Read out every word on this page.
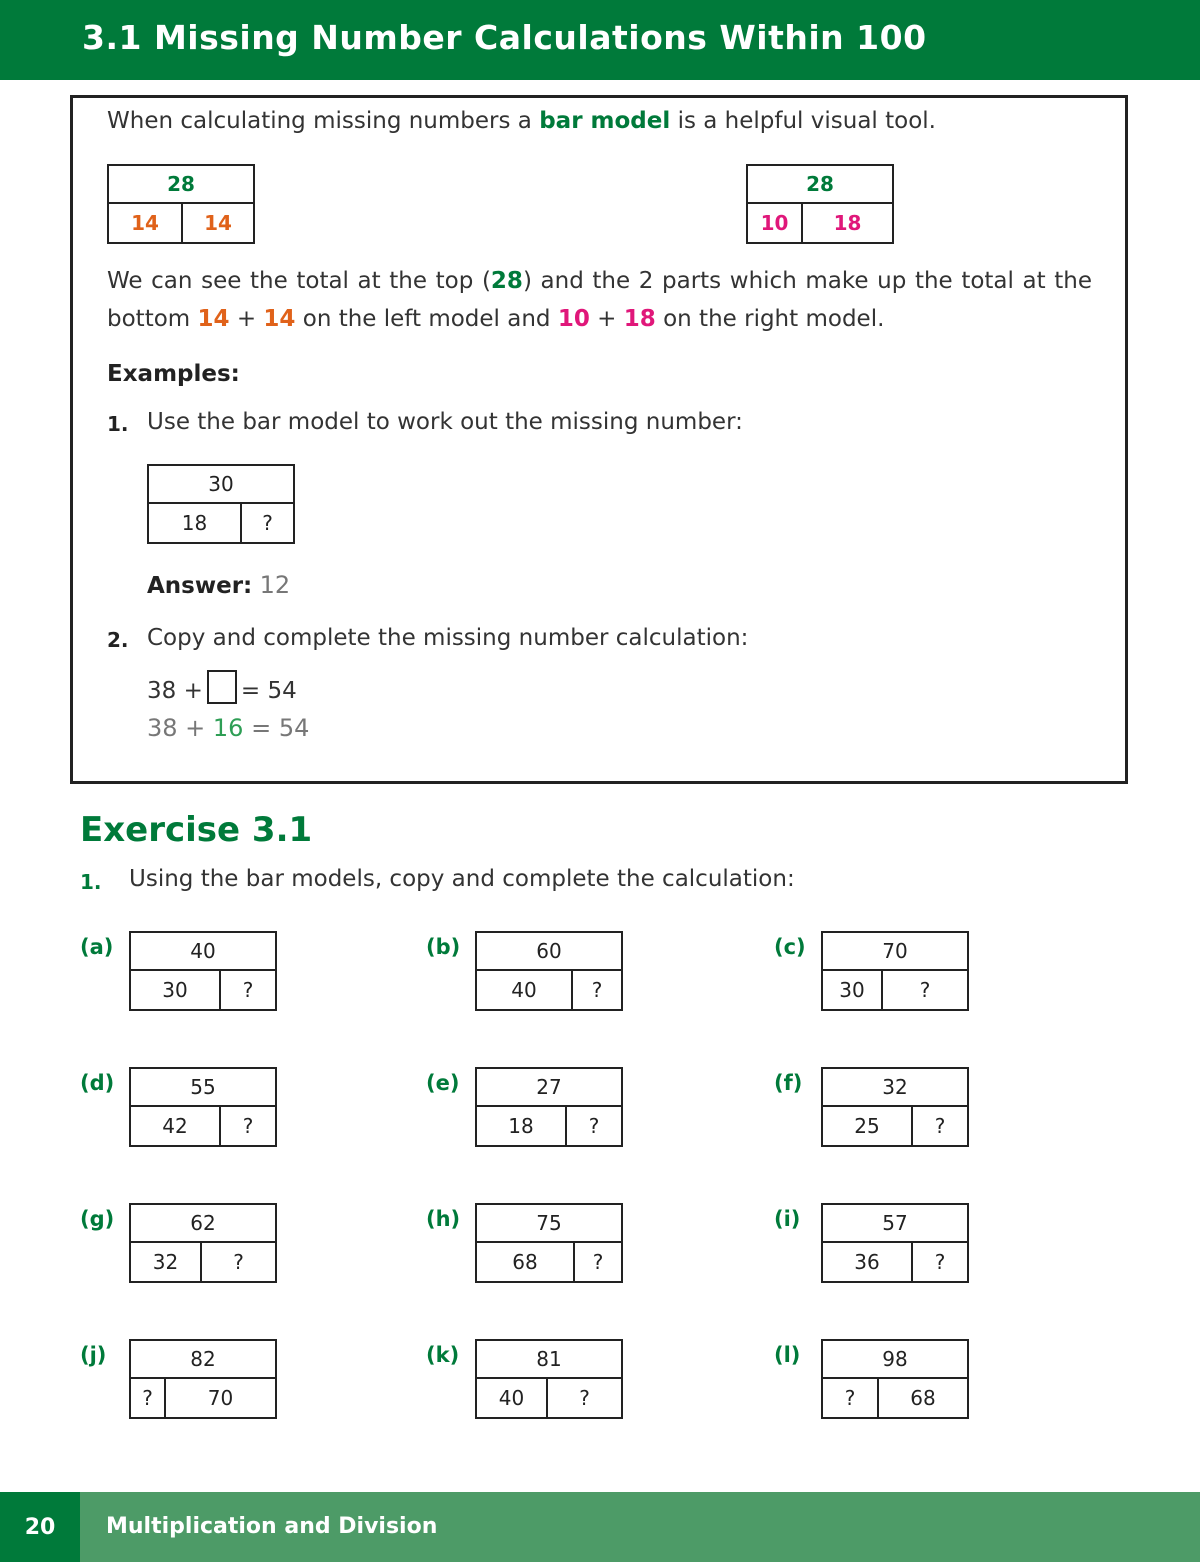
3.1 Missing Number Calculations Within 100
When calculating missing numbers a bar model is a helpful visual tool.
28
14	14
28
10	18
We can see the total at the top (28) and the 2 parts which make up the total at the
bottom 14 + 14 on the left model and 10 + 18 on the right model.
Examples:
1. Use the bar model to work out the missing number:
30
18	?
Answer: 12
2. Copy and complete the missing number calculation:
38 + = 54
38 + 16 = 54
Exercise 3.1
1. Using the bar models, copy and complete the calculation:
(a)	40
30	?
(b)	60
40	?
(c)	70
30	?
(d)	55
42	?
(e)	27
18	?
(f)	32
25	?
(g)	62
32	?
(h)	75
68	?
(i)	57
36	?
(j)	82
?	70
(k)	81
40	?
(l)	98
?	68
20	Multiplication and Division
